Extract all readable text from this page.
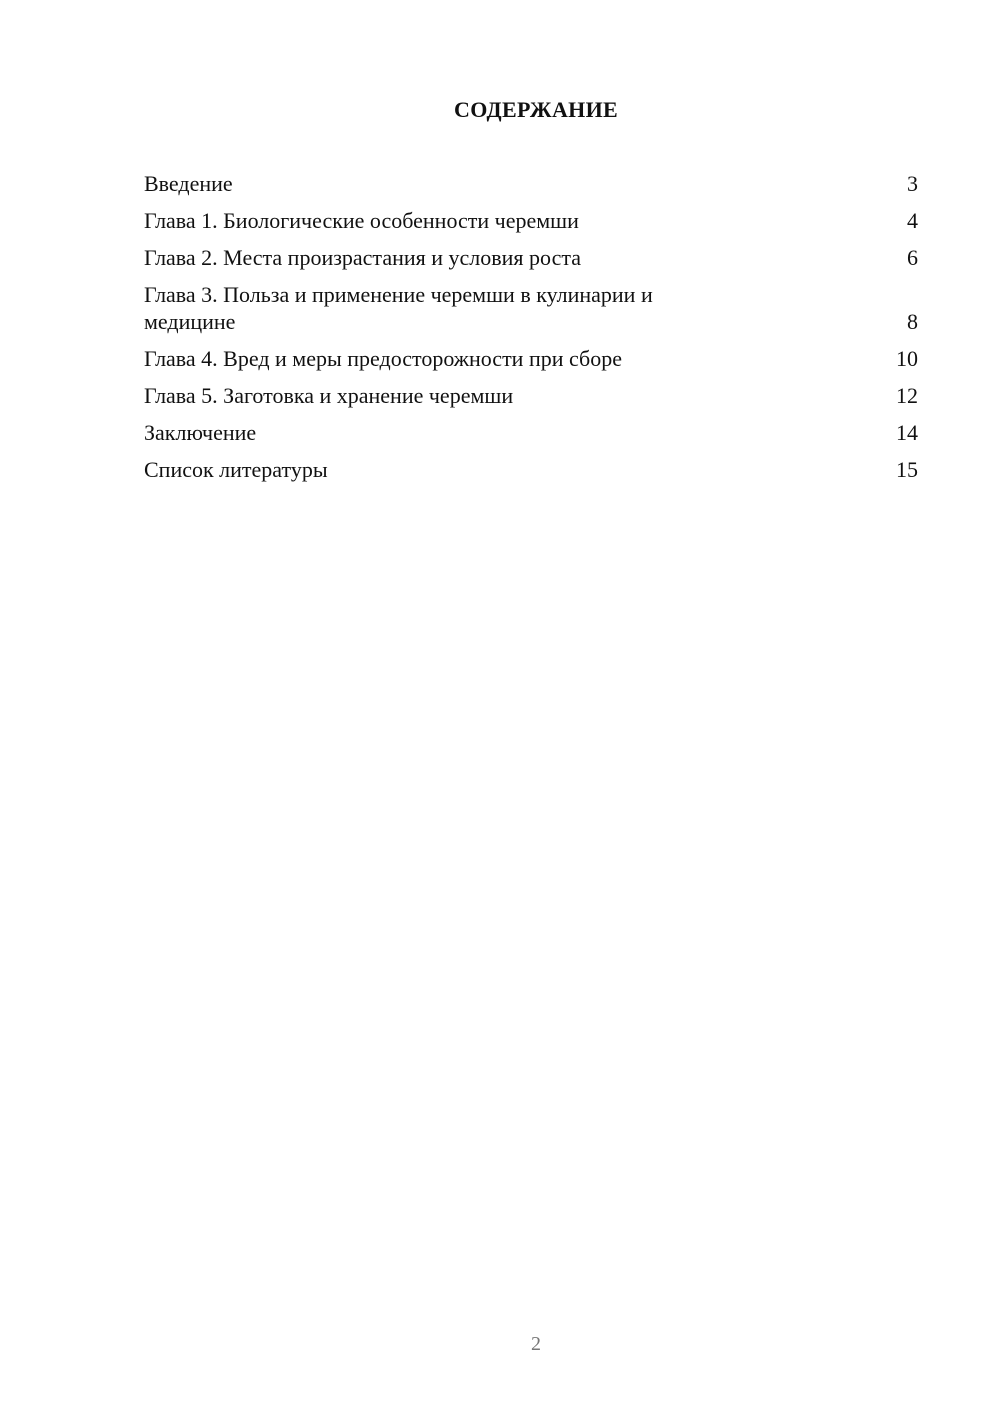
СОДЕРЖАНИЕ
Введение	3
Глава 1. Биологические особенности черемши	4
Глава 2. Места произрастания и условия роста	6
Глава 3. Польза и применение черемши в кулинарии и медицине	8
Глава 4. Вред и меры предосторожности при сборе	10
Глава 5. Заготовка и хранение черемши	12
Заключение	14
Список литературы	15
2
